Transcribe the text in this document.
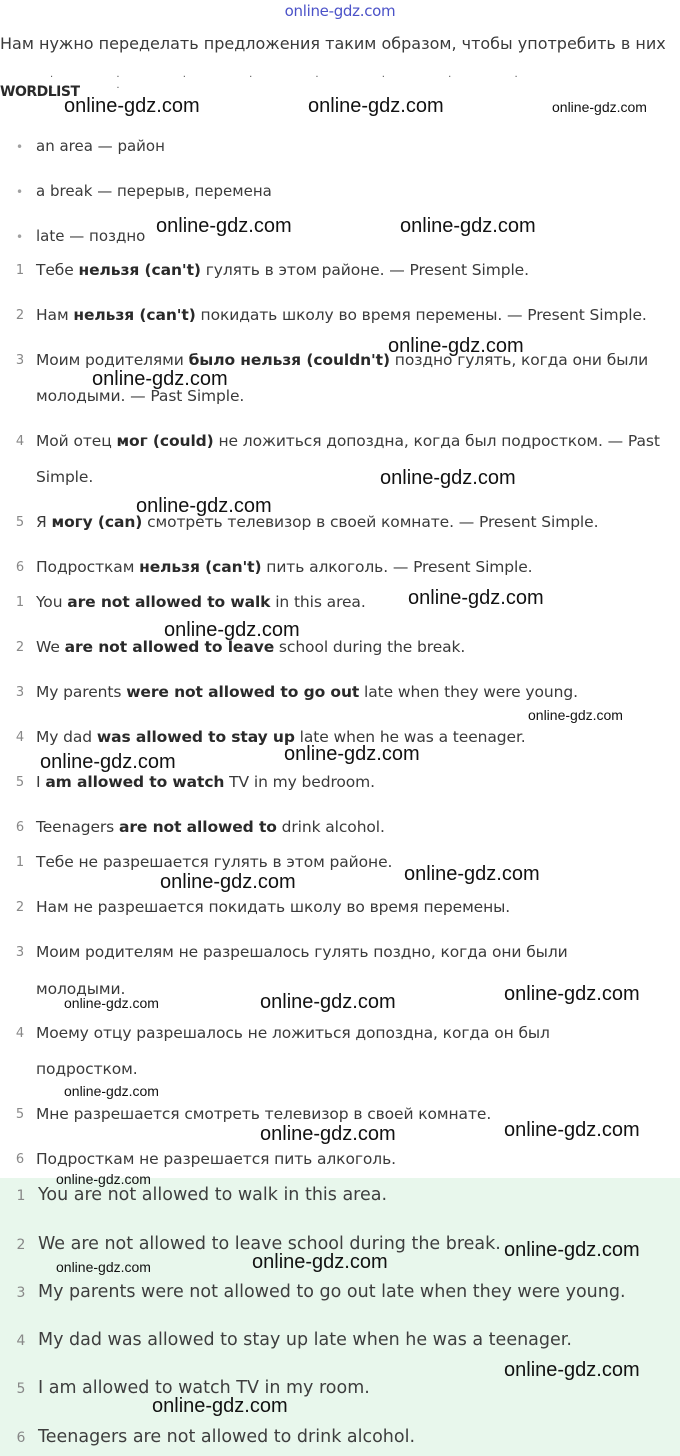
online-gdz.com
Нам нужно переделать предложения таким образом, чтобы употребить в них
· · · · · · · · · ·
WORDLIST
• an area — район
• a break — перерыв, перемена
• late — поздно
1 Тебе нельзя (can't) гулять в этом районе. — Present Simple.
2 Нам нельзя (can't) покидать школу во время перемены. — Present Simple.
3 Моим родителями было нельзя (couldn't) поздно гулять, когда они были
молодыми. — Past Simple.
4 Мой отец мог (could) не ложиться допоздна, когда был подростком. — Past
Simple.
5 Я могу (can) смотреть телевизор в своей комнате. — Present Simple.
6 Подросткам нельзя (can't) пить алкоголь. — Present Simple.
1 You are not allowed to walk in this area.
2 We are not allowed to leave school during the break.
3 My parents were not allowed to go out late when they were young.
4 My dad was allowed to stay up late when he was a teenager.
5 I am allowed to watch TV in my bedroom.
6 Teenagers are not allowed to drink alcohol.
1 Тебе не разрешается гулять в этом районе.
2 Нам не разрешается покидать школу во время перемены.
3 Моим родителям не разрешалось гулять поздно, когда они были
молодыми.
4 Моему отцу разрешалось не ложиться допоздна, когда он был
подростком.
5 Мне разрешается смотреть телевизор в своей комнате.
6 Подросткам не разрешается пить алкоголь.
1 You are not allowed to walk in this area.
2 We are not allowed to leave school during the break.
3 My parents were not allowed to go out late when they were young.
4 My dad was allowed to stay up late when he was a teenager.
5 I am allowed to watch TV in my room.
6 Teenagers are not allowed to drink alcohol.
online-gdz.com	online-gdz.com	online-gdz.com
online-gdz.com	online-gdz.com
online-gdz.com
online-gdz.com
online-gdz.com
online-gdz.com
online-gdz.com
online-gdz.com
online-gdz.com
online-gdz.com
online-gdz.com
online-gdz.com
online-gdz.com
online-gdz.com
online-gdz.com
online-gdz.com
online-gdz.com
online-gdz.com
online-gdz.com
online-gdz.com
online-gdz.com
online-gdz.com
online-gdz.com
online-gdz.com
online-gdz.com
